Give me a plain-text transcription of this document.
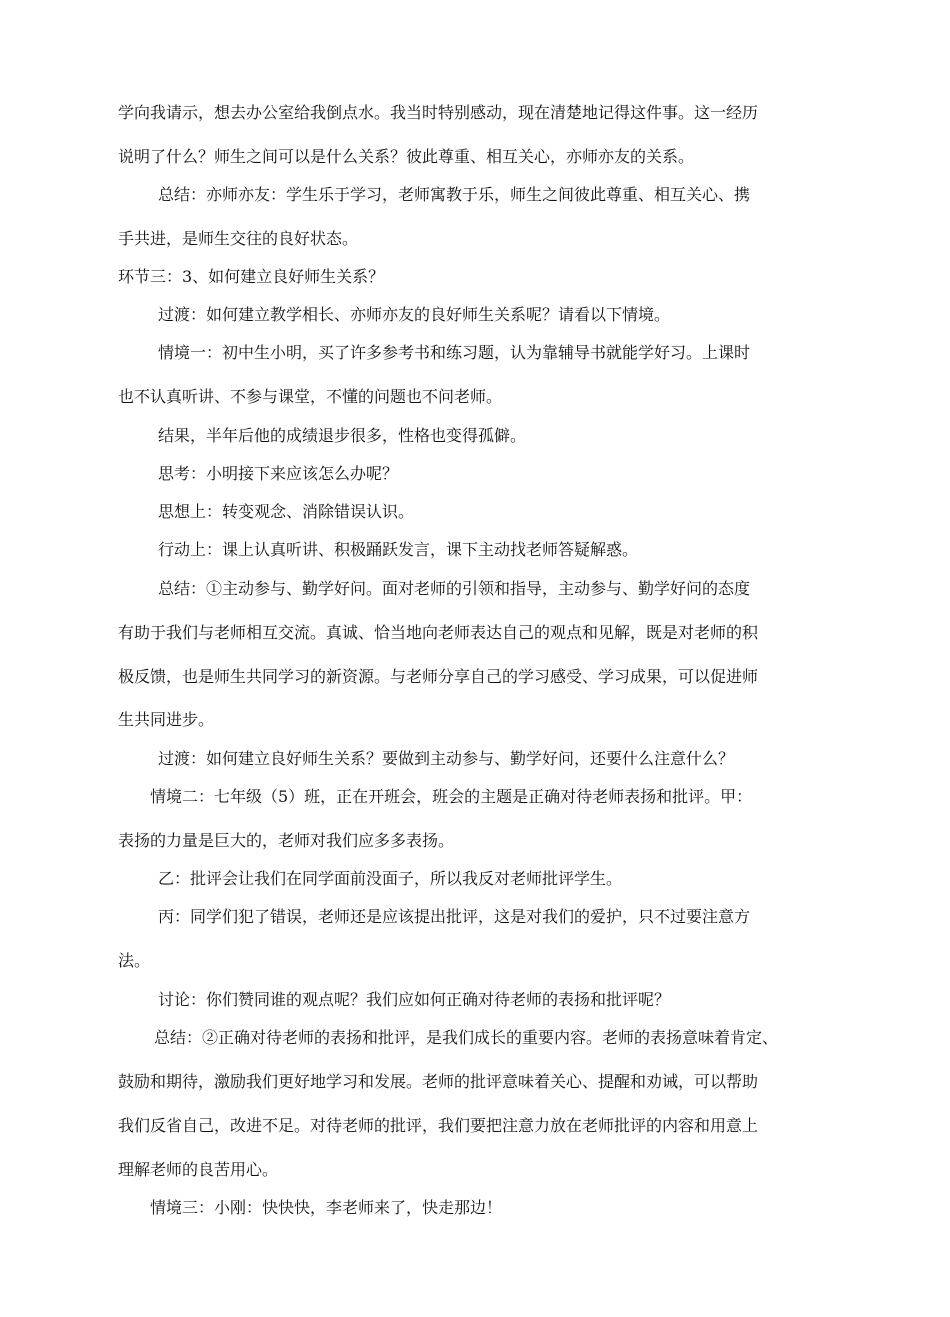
学向我请示，想去办公室给我倒点水。我当时特别感动，现在清楚地记得这件事。这一经历
说明了什么？师生之间可以是什么关系？彼此尊重、相互关心，亦师亦友的关系。
总结：亦师亦友：学生乐于学习，老师寓教于乐，师生之间彼此尊重、相互关心、携
手共进，是师生交往的良好状态。
环节三：3、如何建立良好师生关系？
过渡：如何建立教学相长、亦师亦友的良好师生关系呢？请看以下情境。
情境一：初中生小明，买了许多参考书和练习题，认为靠辅导书就能学好习。上课时
也不认真听讲、不参与课堂，不懂的问题也不问老师。
结果，半年后他的成绩退步很多，性格也变得孤僻。
思考：小明接下来应该怎么办呢？
思想上：转变观念、消除错误认识。
行动上：课上认真听讲、积极踊跃发言，课下主动找老师答疑解惑。
总结：①主动参与、勤学好问。面对老师的引领和指导，主动参与、勤学好问的态度
有助于我们与老师相互交流。真诚、恰当地向老师表达自己的观点和见解，既是对老师的积
极反馈，也是师生共同学习的新资源。与老师分享自己的学习感受、学习成果，可以促进师
生共同进步。
过渡：如何建立良好师生关系？要做到主动参与、勤学好问，还要什么注意什么？
情境二：七年级（5）班，正在开班会，班会的主题是正确对待老师表扬和批评。甲：
表扬的力量是巨大的，老师对我们应多多表扬。
乙：批评会让我们在同学面前没面子，所以我反对老师批评学生。
丙：同学们犯了错误，老师还是应该提出批评，这是对我们的爱护，只不过要注意方
法。
讨论：你们赞同谁的观点呢？我们应如何正确对待老师的表扬和批评呢？
总结：②正确对待老师的表扬和批评，是我们成长的重要内容。老师的表扬意味着肯定、
鼓励和期待，激励我们更好地学习和发展。老师的批评意味着关心、提醒和劝诫，可以帮助
我们反省自己，改进不足。对待老师的批评，我们要把注意力放在老师批评的内容和用意上
理解老师的良苦用心。
情境三：小刚：快快快，李老师来了，快走那边！
